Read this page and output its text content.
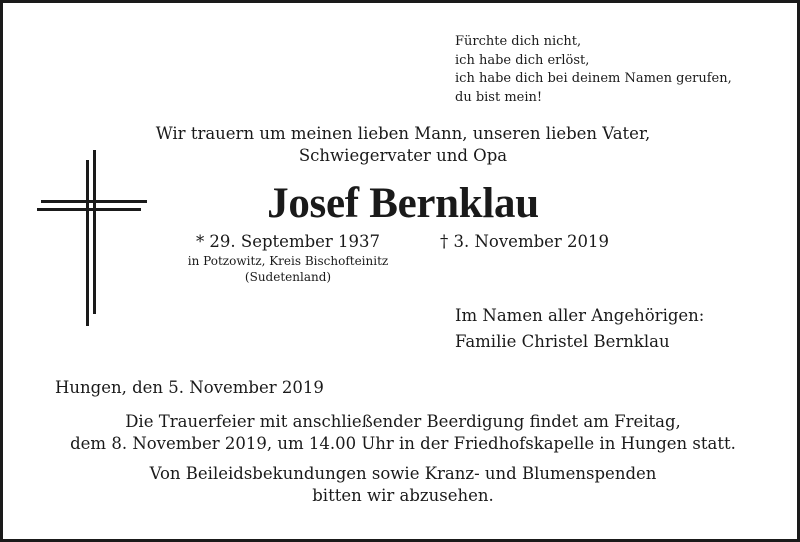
Fürchte dich nicht,
ich habe dich erlöst,
ich habe dich bei deinem Namen gerufen,
du bist mein!
Wir trauern um meinen lieben Mann, unseren lieben Vater,
Schwiegervater und Opa
Josef Bernklau
* 29. September 1937
in Potzowitz, Kreis Bischofteinitz
(Sudetenland)
† 3. November 2019
Im Namen aller Angehörigen:
Familie Christel Bernklau
Hungen, den 5. November 2019
Die Trauerfeier mit anschließender Beerdigung findet am Freitag,
dem 8. November 2019, um 14.00 Uhr in der Friedhofskapelle in Hungen statt.
Von Beileidsbekundungen sowie Kranz- und Blumenspenden
bitten wir abzusehen.
